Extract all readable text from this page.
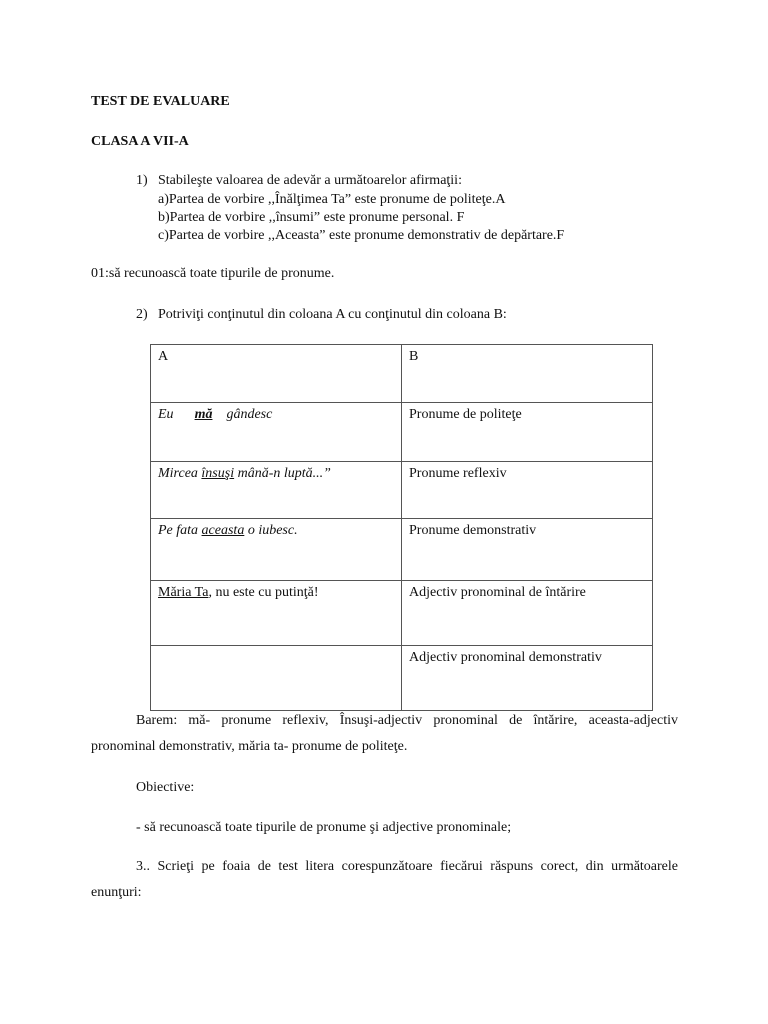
TEST DE EVALUARE
CLASA A VII-A
1) Stabileşte valoarea de adevăr a următoarelor afirmaţii:
a)Partea de vorbire ,,Înălţimea Ta” este pronume de politeţe.A
b)Partea de vorbire ,,însumi” este pronume personal. F
c)Partea de vorbire ,,Aceasta” este pronume demonstrativ de depărtare.F
01:să recunoască toate tipurile de pronume.
2) Potriviţi conţinutul din coloana A cu conţinutul din coloana B:
A	B
Eu mă gândesc	Pronume de politeţe
Mircea însuşi mână-n luptă...”	Pronume reflexiv
Pe fata aceasta o iubesc.	Pronume demonstrativ
Măria Ta, nu este cu putinţă!	Adjectiv pronominal de întărire
	Adjectiv pronominal demonstrativ
Barem: mă- pronume reflexiv, Însuşi-adjectiv pronominal de întărire, aceasta-adjectiv pronominal demonstrativ, măria ta- pronume de politeţe.
Obiective:
- să recunoască toate tipurile de pronume şi adjective pronominale;
3.. Scrieţi pe foaia de test litera corespunzătoare fiecărui răspuns corect, din următoarele enunţuri:
